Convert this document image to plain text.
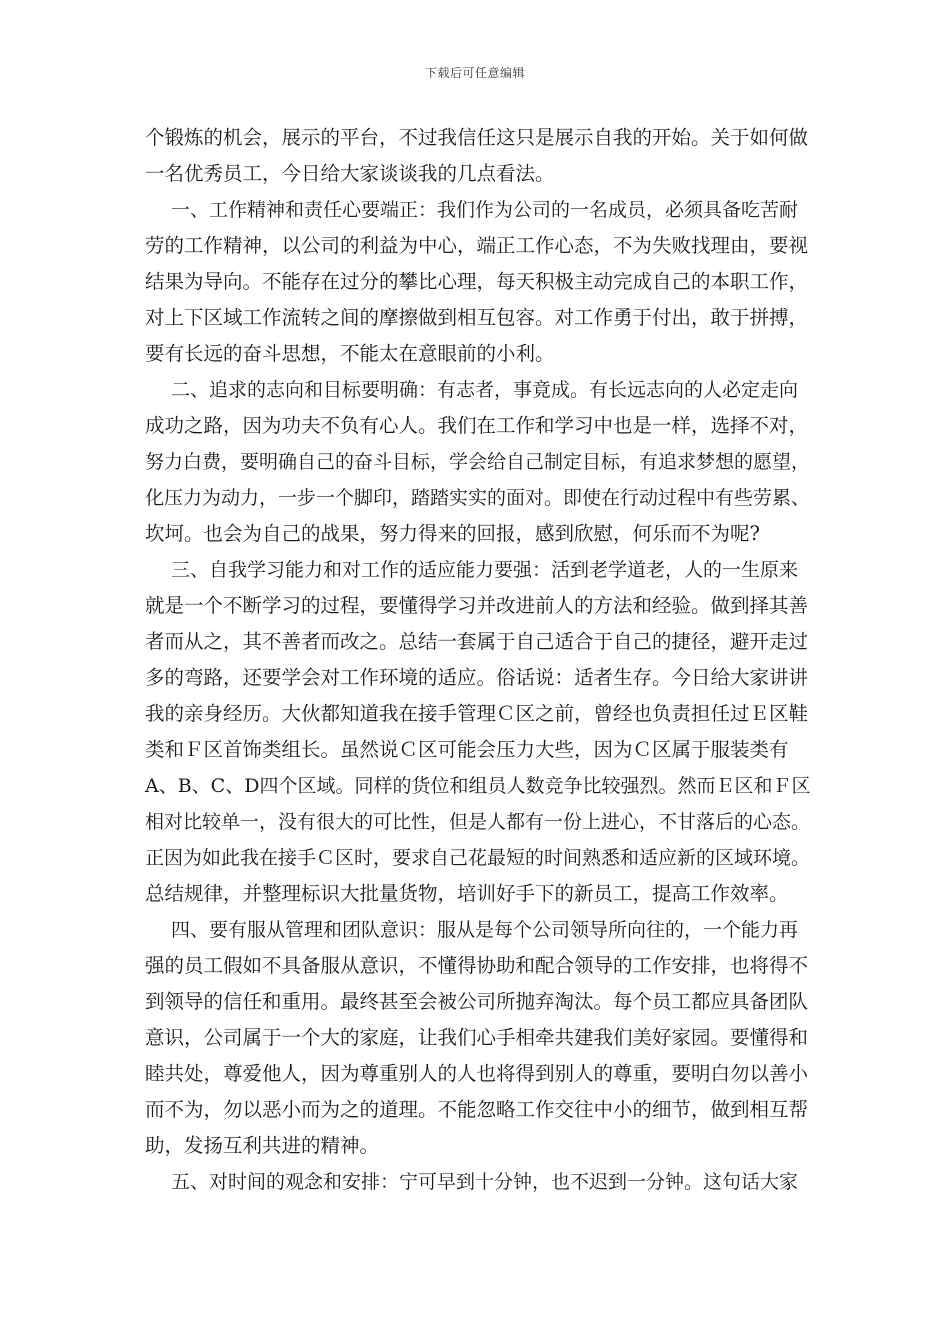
下载后可任意编辑
个锻炼的机会，展示的平台，不过我信任这只是展示自我的开始。关于如何做
一名优秀员工，今日给大家谈谈我的几点看法。
一、工作精神和责任心要端正：我们作为公司的一名成员，必须具备吃苦耐
劳的工作精神，以公司的利益为中心，端正工作心态，不为失败找理由，要视
结果为导向。不能存在过分的攀比心理，每天积极主动完成自己的本职工作，
对上下区域工作流转之间的摩擦做到相互包容。对工作勇于付出，敢于拼搏，
要有长远的奋斗思想，不能太在意眼前的小利。
二、追求的志向和目标要明确：有志者，事竟成。有长远志向的人必定走向
成功之路，因为功夫不负有心人。我们在工作和学习中也是一样，选择不对，
努力白费，要明确自己的奋斗目标，学会给自己制定目标，有追求梦想的愿望，
化压力为动力，一步一个脚印，踏踏实实的面对。即使在行动过程中有些劳累、
坎坷。也会为自己的战果，努力得来的回报，感到欣慰，何乐而不为呢?
三、自我学习能力和对工作的适应能力要强：活到老学道老，人的一生原来
就是一个不断学习的过程，要懂得学习并改进前人的方法和经验。做到择其善
者而从之，其不善者而改之。总结一套属于自己适合于自己的捷径，避开走过
多的弯路，还要学会对工作环境的适应。俗话说：适者生存。今日给大家讲讲
我的亲身经历。大伙都知道我在接手管理Ｃ区之前，曾经也负责担任过Ｅ区鞋
类和Ｆ区首饰类组长。虽然说Ｃ区可能会压力大些，因为Ｃ区属于服装类有
A、B、C、D四个区域。同样的货位和组员人数竞争比较强烈。然而Ｅ区和Ｆ区
相对比较单一，没有很大的可比性，但是人都有一份上进心，不甘落后的心态。
正因为如此我在接手Ｃ区时，要求自己花最短的时间熟悉和适应新的区域环境。
总结规律，并整理标识大批量货物，培训好手下的新员工，提高工作效率。
四、要有服从管理和团队意识：服从是每个公司领导所向往的，一个能力再
强的员工假如不具备服从意识，不懂得协助和配合领导的工作安排，也将得不
到领导的信任和重用。最终甚至会被公司所抛弃淘汰。每个员工都应具备团队
意识，公司属于一个大的家庭，让我们心手相牵共建我们美好家园。要懂得和
睦共处，尊爱他人，因为尊重别人的人也将得到别人的尊重，要明白勿以善小
而不为，勿以恶小而为之的道理。不能忽略工作交往中小的细节，做到相互帮
助，发扬互利共进的精神。
五、对时间的观念和安排：宁可早到十分钟，也不迟到一分钟。这句话大家
